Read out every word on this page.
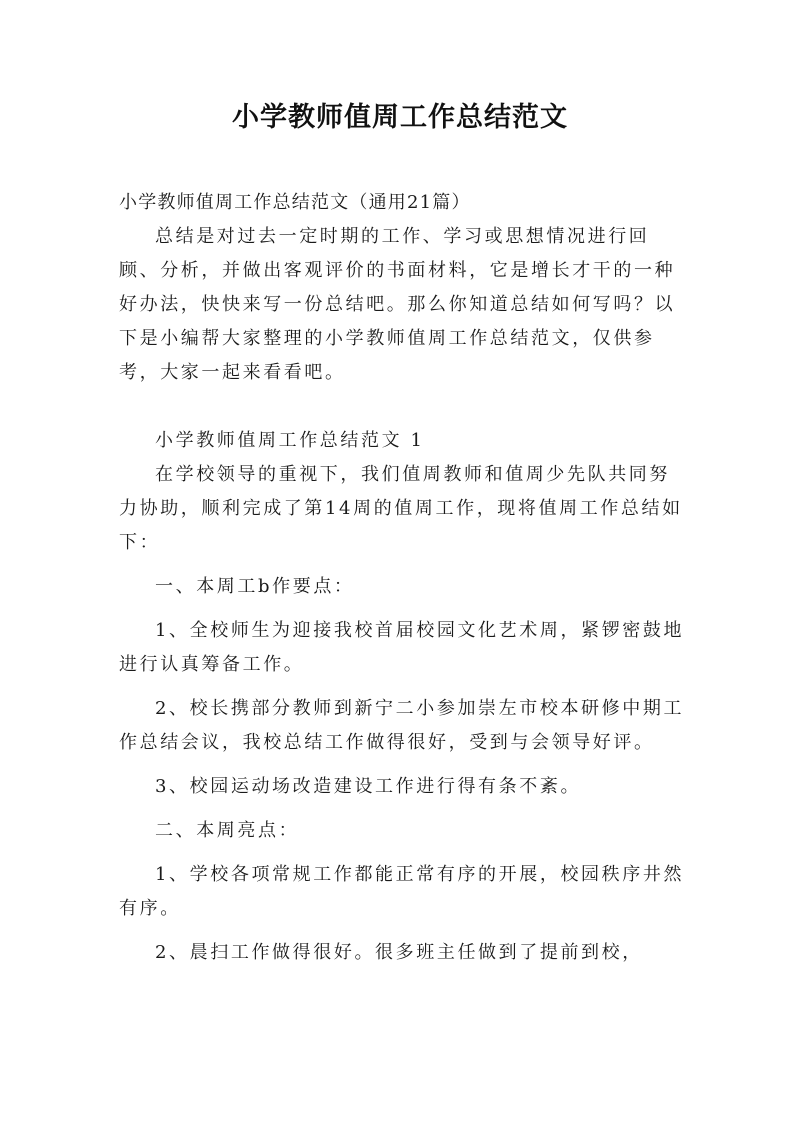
小学教师值周工作总结范文

小学教师值周工作总结范文（通用21篇）

总结是对过去一定时期的工作、学习或思想情况进行回顾、分析，并做出客观评价的书面材料，它是增长才干的一种好办法，快快来写一份总结吧。那么你知道总结如何写吗？以下是小编帮大家整理的小学教师值周工作总结范文，仅供参考，大家一起来看看吧。

小学教师值周工作总结范文 1

在学校领导的重视下，我们值周教师和值周少先队共同努力协助，顺利完成了第14周的值周工作，现将值周工作总结如下：

一、本周工b作要点：

1、全校师生为迎接我校首届校园文化艺术周，紧锣密鼓地进行认真筹备工作。

2、校长携部分教师到新宁二小参加崇左市校本研修中期工作总结会议，我校总结工作做得很好，受到与会领导好评。

3、校园运动场改造建设工作进行得有条不紊。

二、本周亮点：

1、学校各项常规工作都能正常有序的开展，校园秩序井然有序。

2、晨扫工作做得很好。很多班主任做到了提前到校，
